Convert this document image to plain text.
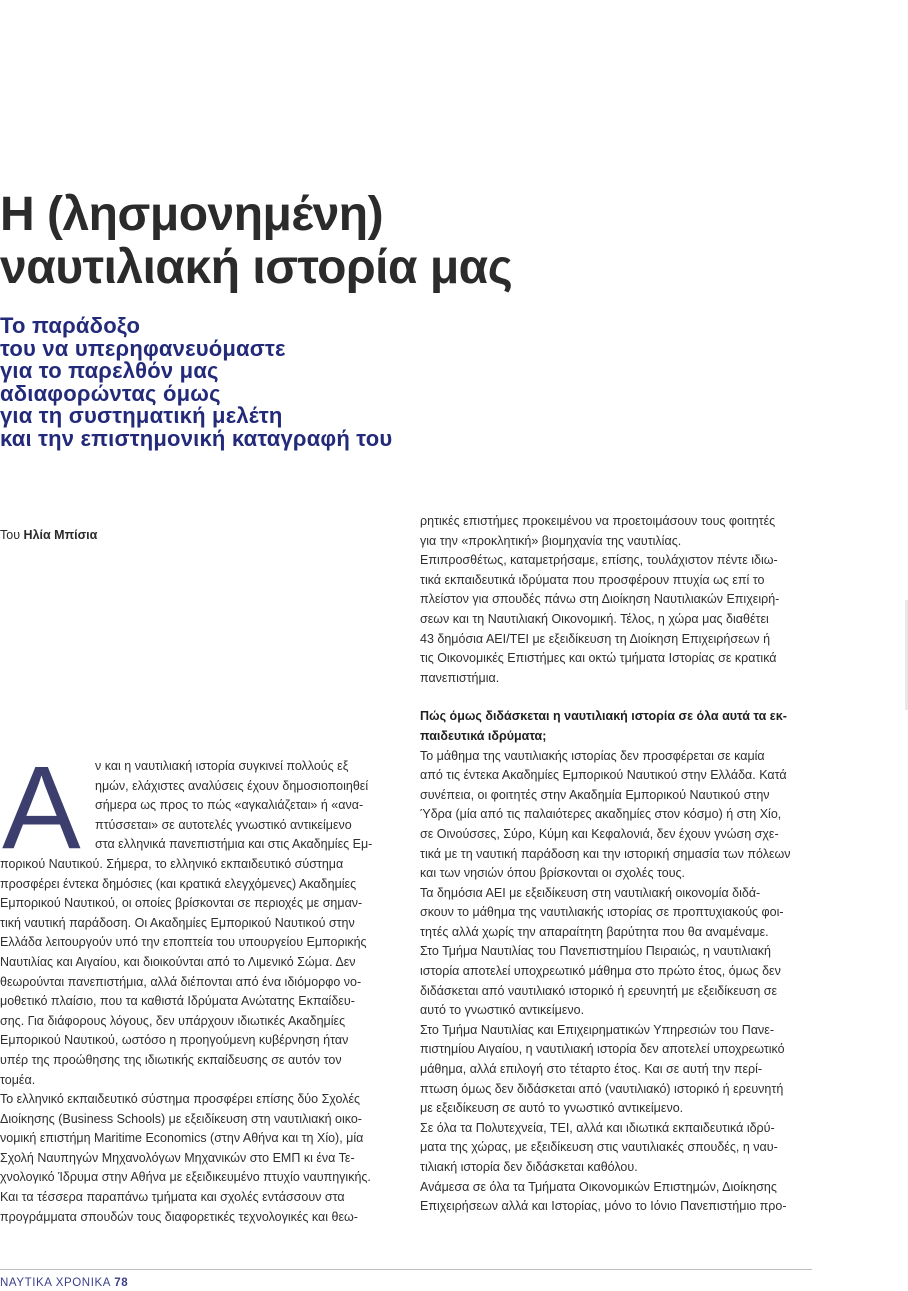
Η (λησμονημένη)
ναυτιλιακή ιστορία μας
Το παράδοξο
του να υπερηφανευόμαστε
για το παρελθόν μας
αδιαφορώντας όμως
για τη συστηματική μελέτη
και την επιστημονική καταγραφή του
Του Ηλία Μπίσια
Α	ν και η ναυτιλιακή ιστορία συγκινεί πολλούς εξ
ημών, ελάχιστες αναλύσεις έχουν δημοσιοποιηθεί
σήμερα ως προς το πώς «αγκαλιάζεται» ή «ανα-
πτύσσεται» σε αυτοτελές γνωστικό αντικείμενο
στα ελληνικά πανεπιστήμια και στις Ακαδημίες Εμ-
πορικού Ναυτικού. Σήμερα, το ελληνικό εκπαιδευτικό σύστημα
προσφέρει έντεκα δημόσιες (και κρατικά ελεγχόμενες) Ακαδημίες
Εμπορικού Ναυτικού, οι οποίες βρίσκονται σε περιοχές με σημαν-
τική ναυτική παράδοση. Οι Ακαδημίες Εμπορικού Ναυτικού στην
Ελλάδα λειτουργούν υπό την εποπτεία του υπουργείου Εμπορικής
Ναυτιλίας και Αιγαίου, και διοικούνται από το Λιμενικό Σώμα. Δεν
θεωρούνται πανεπιστήμια, αλλά διέπονται από ένα ιδιόμορφο νο-
μοθετικό πλαίσιο, που τα καθιστά Ιδρύματα Ανώτατης Εκπαίδευ-
σης. Για διάφορους λόγους, δεν υπάρχουν ιδιωτικές Ακαδημίες
Εμπορικού Ναυτικού, ωστόσο η προηγούμενη κυβέρνηση ήταν
υπέρ της προώθησης της ιδιωτικής εκπαίδευσης σε αυτόν τον
τομέα.
Το ελληνικό εκπαιδευτικό σύστημα προσφέρει επίσης δύο Σχολές
Διοίκησης (Business Schools) με εξειδίκευση στη ναυτιλιακή οικο-
νομική επιστήμη Maritime Economics (στην Αθήνα και τη Χίο), μία
Σχολή Ναυπηγών Μηχανολόγων Μηχανικών στο ΕΜΠ κι ένα Τε-
χνολογικό Ίδρυμα στην Αθήνα με εξειδικευμένο πτυχίο ναυπηγικής.
Και τα τέσσερα παραπάνω τμήματα και σχολές εντάσσουν στα
προγράμματα σπουδών τους διαφορετικές τεχνολογικές και θεω-
ρητικές επιστήμες προκειμένου να προετοιμάσουν τους φοιτητές
για την «προκλητική» βιομηχανία της ναυτιλίας.
Επιπροσθέτως, καταμετρήσαμε, επίσης, τουλάχιστον πέντε ιδιω-
τικά εκπαιδευτικά ιδρύματα που προσφέρουν πτυχία ως επί το
πλείστον για σπουδές πάνω στη Διοίκηση Ναυτιλιακών Επιχειρή-
σεων και τη Ναυτιλιακή Οικονομική. Τέλος, η χώρα μας διαθέτει
43 δημόσια ΑΕΙ/ΤΕΙ με εξειδίκευση τη Διοίκηση Επιχειρήσεων ή
τις Οικονομικές Επιστήμες και οκτώ τμήματα Ιστορίας σε κρατικά
πανεπιστήμια.
Πώς όμως διδάσκεται η ναυτιλιακή ιστορία σε όλα αυτά τα εκ-
παιδευτικά ιδρύματα;
Το μάθημα της ναυτιλιακής ιστορίας δεν προσφέρεται σε καμία
από τις έντεκα Ακαδημίες Εμπορικού Ναυτικού στην Ελλάδα. Κατά
συνέπεια, οι φοιτητές στην Ακαδημία Εμπορικού Ναυτικού στην
Ύδρα (μία από τις παλαιότερες ακαδημίες στον κόσμο) ή στη Χίο,
σε Οινούσσες, Σύρο, Κύμη και Κεφαλονιά, δεν έχουν γνώση σχε-
τικά με τη ναυτική παράδοση και την ιστορική σημασία των πόλεων
και των νησιών όπου βρίσκονται οι σχολές τους.
Τα δημόσια ΑΕΙ με εξειδίκευση στη ναυτιλιακή οικονομία διδά-
σκουν το μάθημα της ναυτιλιακής ιστορίας σε προπτυχιακούς φοι-
τητές αλλά χωρίς την απαραίτητη βαρύτητα που θα αναμέναμε.
Στο Τμήμα Ναυτιλίας του Πανεπιστημίου Πειραιώς, η ναυτιλιακή
ιστορία αποτελεί υποχρεωτικό μάθημα στο πρώτο έτος, όμως δεν
διδάσκεται από ναυτιλιακό ιστορικό ή ερευνητή με εξειδίκευση σε
αυτό το γνωστικό αντικείμενο.
Στο Τμήμα Ναυτιλίας και Επιχειρηματικών Υπηρεσιών του Πανε-
πιστημίου Αιγαίου, η ναυτιλιακή ιστορία δεν αποτελεί υποχρεωτικό
μάθημα, αλλά επιλογή στο τέταρτο έτος. Και σε αυτή την περί-
πτωση όμως δεν διδάσκεται από (ναυτιλιακό) ιστορικό ή ερευνητή
με εξειδίκευση σε αυτό το γνωστικό αντικείμενο.
Σε όλα τα Πολυτεχνεία, ΤΕΙ, αλλά και ιδιωτικά εκπαιδευτικά ιδρύ-
ματα της χώρας, με εξειδίκευση στις ναυτιλιακές σπουδές, η ναυ-
τιλιακή ιστορία δεν διδάσκεται καθόλου.
Ανάμεσα σε όλα τα Τμήματα Οικονομικών Επιστημών, Διοίκησης
Επιχειρήσεων αλλά και Ιστορίας, μόνο το Ιόνιο Πανεπιστήμιο προ-
ΝΑΥΤΙΚΑ ΧΡΟΝΙΚΑ 78
